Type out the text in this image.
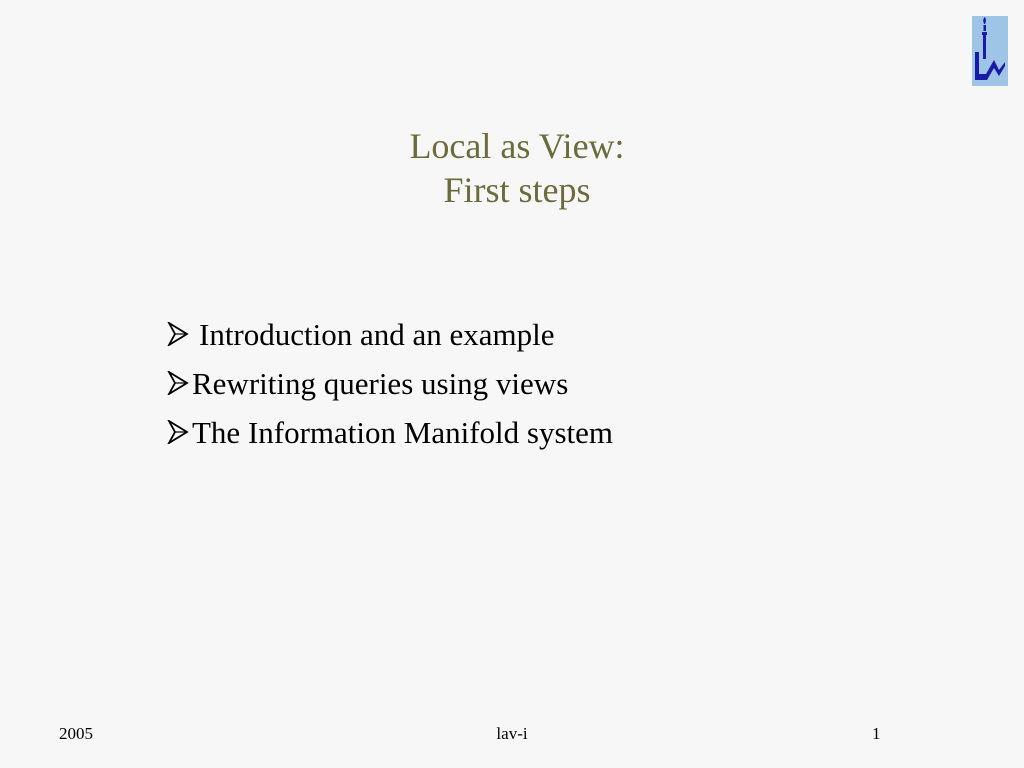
Local as View:
First steps
Introduction and an example
Rewriting queries using views
The Information Manifold system
2005	lav-i	1
